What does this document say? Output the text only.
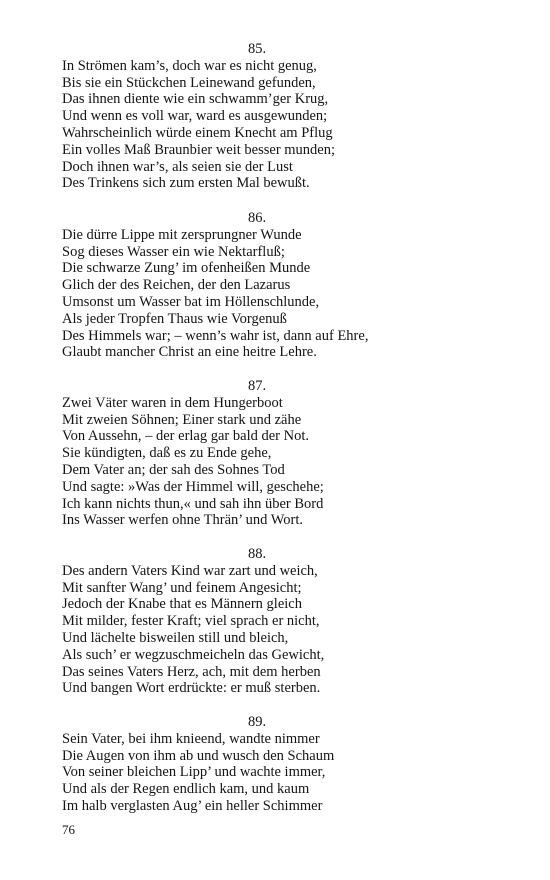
85.
In Strömen kam’s, doch war es nicht genug,
Bis sie ein Stückchen Leinewand gefunden,
Das ihnen diente wie ein schwamm’ger Krug,
Und wenn es voll war, ward es ausgewunden;
Wahrscheinlich würde einem Knecht am Pflug
Ein volles Maß Braunbier weit besser munden;
Doch ihnen war’s, als seien sie der Lust
Des Trinkens sich zum ersten Mal bewußt.
86.
Die dürre Lippe mit zersprungner Wunde
Sog dieses Wasser ein wie Nektarfluß;
Die schwarze Zung’ im ofenheißen Munde
Glich der des Reichen, der den Lazarus
Umsonst um Wasser bat im Höllenschlunde,
Als jeder Tropfen Thaus wie Vorgenuß
Des Himmels war; – wenn’s wahr ist, dann auf Ehre,
Glaubt mancher Christ an eine heitre Lehre.
87.
Zwei Väter waren in dem Hungerboot
Mit zweien Söhnen; Einer stark und zähe
Von Aussehn, – der erlag gar bald der Not.
Sie kündigten, daß es zu Ende gehe,
Dem Vater an; der sah des Sohnes Tod
Und sagte: »Was der Himmel will, geschehe;
Ich kann nichts thun,« und sah ihn über Bord
Ins Wasser werfen ohne Thrän’ und Wort.
88.
Des andern Vaters Kind war zart und weich,
Mit sanfter Wang’ und feinem Angesicht;
Jedoch der Knabe that es Männern gleich
Mit milder, fester Kraft; viel sprach er nicht,
Und lächelte bisweilen still und bleich,
Als such’ er wegzuschmeicheln das Gewicht,
Das seines Vaters Herz, ach, mit dem herben
Und bangen Wort erdrückte: er muß sterben.
89.
Sein Vater, bei ihm knieend, wandte nimmer
Die Augen von ihm ab und wusch den Schaum
Von seiner bleichen Lipp’ und wachte immer,
Und als der Regen endlich kam, und kaum
Im halb verglasten Aug’ ein heller Schimmer
76
